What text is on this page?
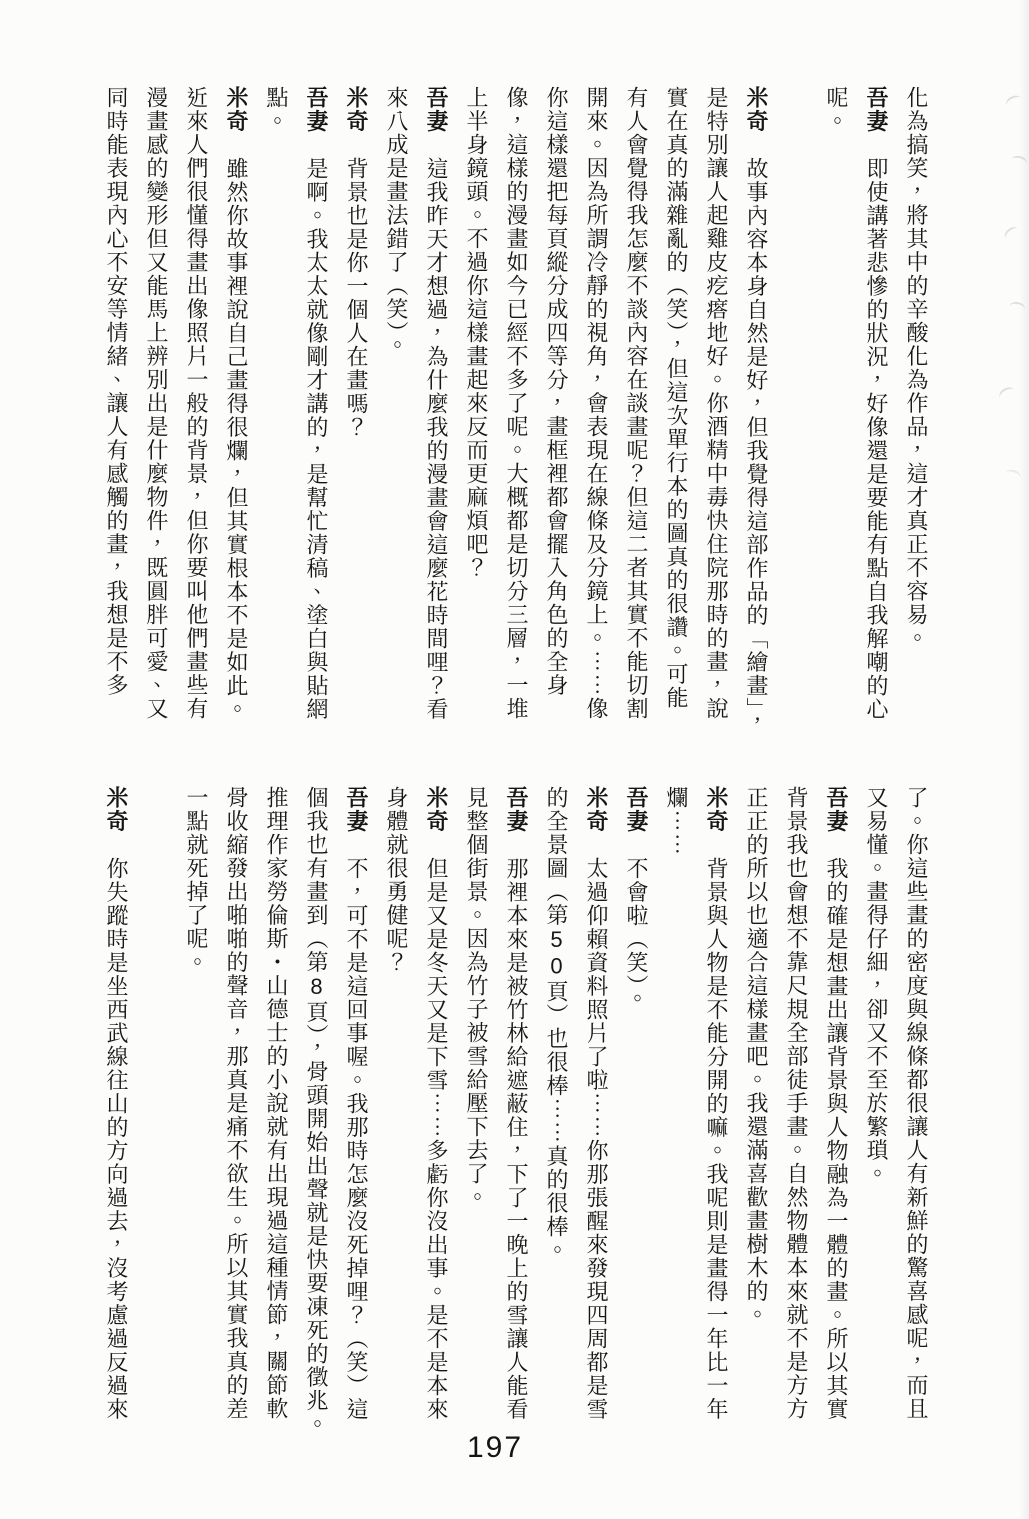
化為搞笑，將其中的辛酸化為作品，這才真正不容易。

吾妻即使講著悲慘的狀況，好像還是要能有點自我解嘲的心

呢。

米奇故事內容本身自然是好，但我覺得這部作品的「繪畫」，

是特別讓人起雞皮疙瘩地好。你酒精中毒快住院那時的畫，說

實在真的滿雜亂的（笑），但這次單行本的圖真的很讚。可能

有人會覺得我怎麼不談內容在談畫呢？但這二者其實不能切割

開來。因為所謂冷靜的視角，會表現在線條及分鏡上。⋯⋯像

你這樣還把每頁縱分成四等分，畫框裡都會擺入角色的全身

像，這樣的漫畫如今已經不多了呢。大概都是切分三層，一堆

上半身鏡頭。不過你這樣畫起來反而更麻煩吧？

吾妻這我昨天才想過，為什麼我的漫畫會這麼花時間哩？看

來八成是畫法錯了（笑）。

米奇背景也是你一個人在畫嗎？

吾妻是啊。我太太就像剛才講的，是幫忙清稿、塗白與貼網

點。

米奇雖然你故事裡說自己畫得很爛，但其實根本不是如此。

近來人們很懂得畫出像照片一般的背景，但你要叫他們畫些有

漫畫感的變形但又能馬上辨別出是什麼物件，既圓胖可愛、又

同時能表現內心不安等情緒、讓人有感觸的畫，我想是不多

了。你這些畫的密度與線條都很讓人有新鮮的驚喜感呢，而且

又易懂。畫得仔細，卻又不至於繁瑣。

吾妻我的確是想畫出讓背景與人物融為一體的畫。所以其實

背景我也會想不靠尺規全部徒手畫。自然物體本來就不是方方

正正的所以也適合這樣畫吧。我還滿喜歡畫樹木的。

米奇背景與人物是不能分開的嘛。我呢則是畫得一年比一年

爛⋯⋯

吾妻不會啦（笑）。

米奇太過仰賴資料照片了啦⋯⋯你那張醒來發現四周都是雪

的全景圖（第50頁）也很棒⋯⋯真的很棒。

吾妻那裡本來是被竹林給遮蔽住，下了一晚上的雪讓人能看

見整個街景。因為竹子被雪給壓下去了。

米奇但是又是冬天又是下雪⋯⋯多虧你沒出事。是不是本來

身體就很勇健呢？

吾妻不，可不是這回事喔。我那時怎麼沒死掉哩？（笑）這

個我也有畫到（第8頁），骨頭開始出聲就是快要凍死的徵兆。

推理作家勞倫斯・山德士的小說就有出現過這種情節，關節軟

骨收縮發出啪啪的聲音，那真是痛不欲生。所以其實我真的差

一點就死掉了呢。

米奇你失蹤時是坐西武線往山的方向過去，沒考慮過反過來

197
